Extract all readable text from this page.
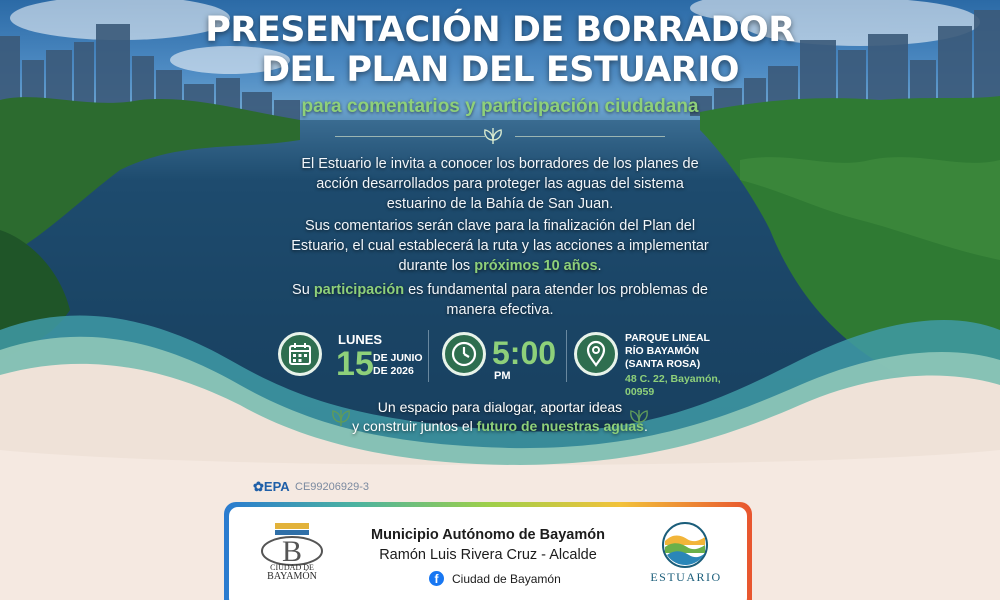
PRESENTACIÓN DE BORRADOR
DEL PLAN DEL ESTUARIO
para comentarios y participación ciudadana
El Estuario le invita a conocer los borradores de los planes de acción desarrollados para proteger las aguas del sistema estuarino de la Bahía de San Juan.
Sus comentarios serán clave para la finalización del Plan del Estuario, el cual establecerá la ruta y las acciones a implementar durante los próximos 10 años.
Su participación es fundamental para atender los problemas de manera efectiva.
LUNES
15 DE JUNIO
DE 2026	5:00
PM
PARQUE LINEAL
RÍO BAYAMÓN
(SANTA ROSA)
48 C. 22, Bayamón,
00959
Un espacio para dialogar, aportar ideas
y construir juntos el futuro de nuestras aguas.
✿EPA CE99206929-3
B
CIUDAD DE
BAYAMÓN
Municipio Autónomo de Bayamón
Ramón Luis Rivera Cruz - Alcalde
f	Ciudad de Bayamón	ESTUARIO
